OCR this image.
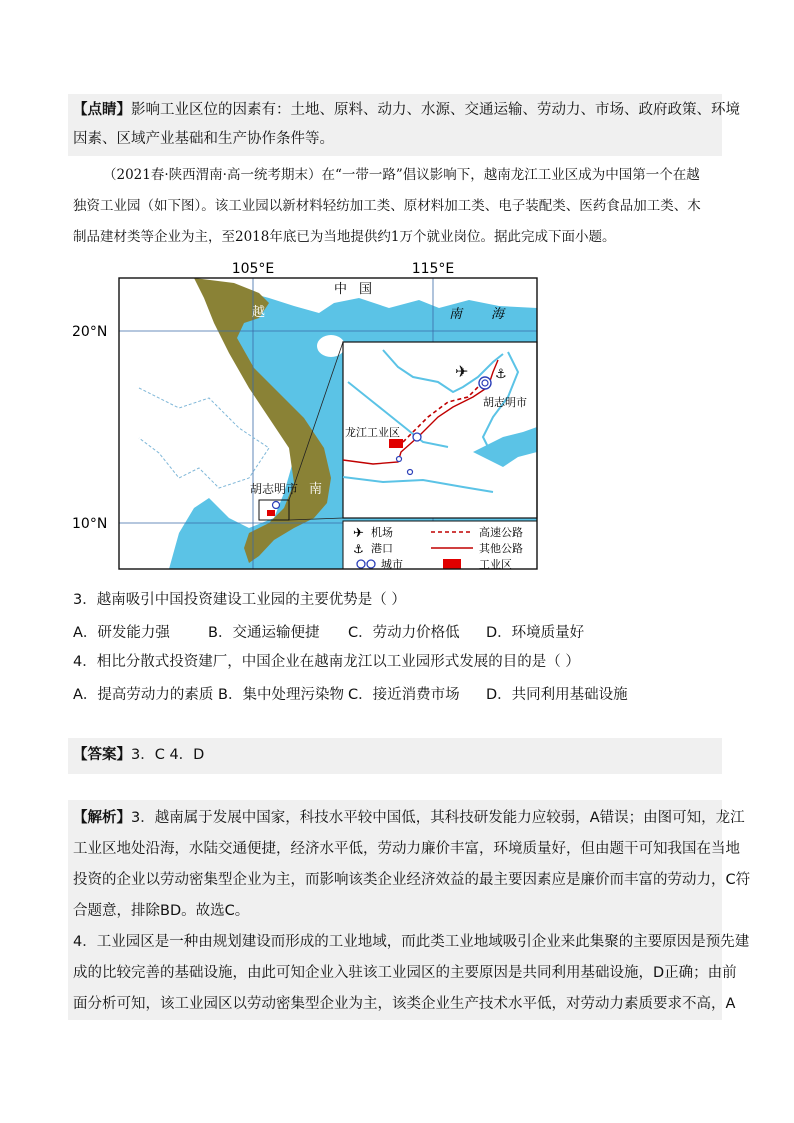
【点睛】影响工业区位的因素有：土地、原料、动力、水源、交通运输、劳动力、市场、政府政策、环境
因素、区域产业基础和生产协作条件等。
（2021春·陕西渭南·高一统考期末）在“一带一路”倡议影响下，越南龙江工业区成为中国第一个在越
独资工业园（如下图）。该工业园以新材料轻纺加工类、原材料加工类、电子装配类、医药食品加工类、木
制品建材类等企业为主，至2018年底已为当地提供约1万个就业岗位。据此完成下面小题。
105°E	115°E
20°N
10°N
中 国
越
南
南 海
胡志明市
✈ ⚓
龙江工业区
胡志明市
✈ 机场
⚓ 港口
城市
高速公路
其他公路
工业区
3．越南吸引中国投资建设工业园的主要优势是（ ）
A．研发能力强	B．交通运输便捷 C．劳动力价格低 D．环境质量好
4．相比分散式投资建厂，中国企业在越南龙江以工业园形式发展的目的是（ ）
A．提高劳动力的素质 B．集中处理污染物 C．接近消费市场 D．共同利用基础设施
【答案】3．C 4．D
【解析】3．越南属于发展中国家，科技水平较中国低，其科技研发能力应较弱，A错误；由图可知，龙江
工业区地处沿海，水陆交通便捷，经济水平低，劳动力廉价丰富，环境质量好，但由题干可知我国在当地
投资的企业以劳动密集型企业为主，而影响该类企业经济效益的最主要因素应是廉价而丰富的劳动力，C符
合题意，排除BD。故选C。
4．工业园区是一种由规划建设而形成的工业地域，而此类工业地域吸引企业来此集聚的主要原因是预先建
成的比较完善的基础设施，由此可知企业入驻该工业园区的主要原因是共同利用基础设施，D正确；由前
面分析可知，该工业园区以劳动密集型企业为主，该类企业生产技术水平低，对劳动力素质要求不高，A
